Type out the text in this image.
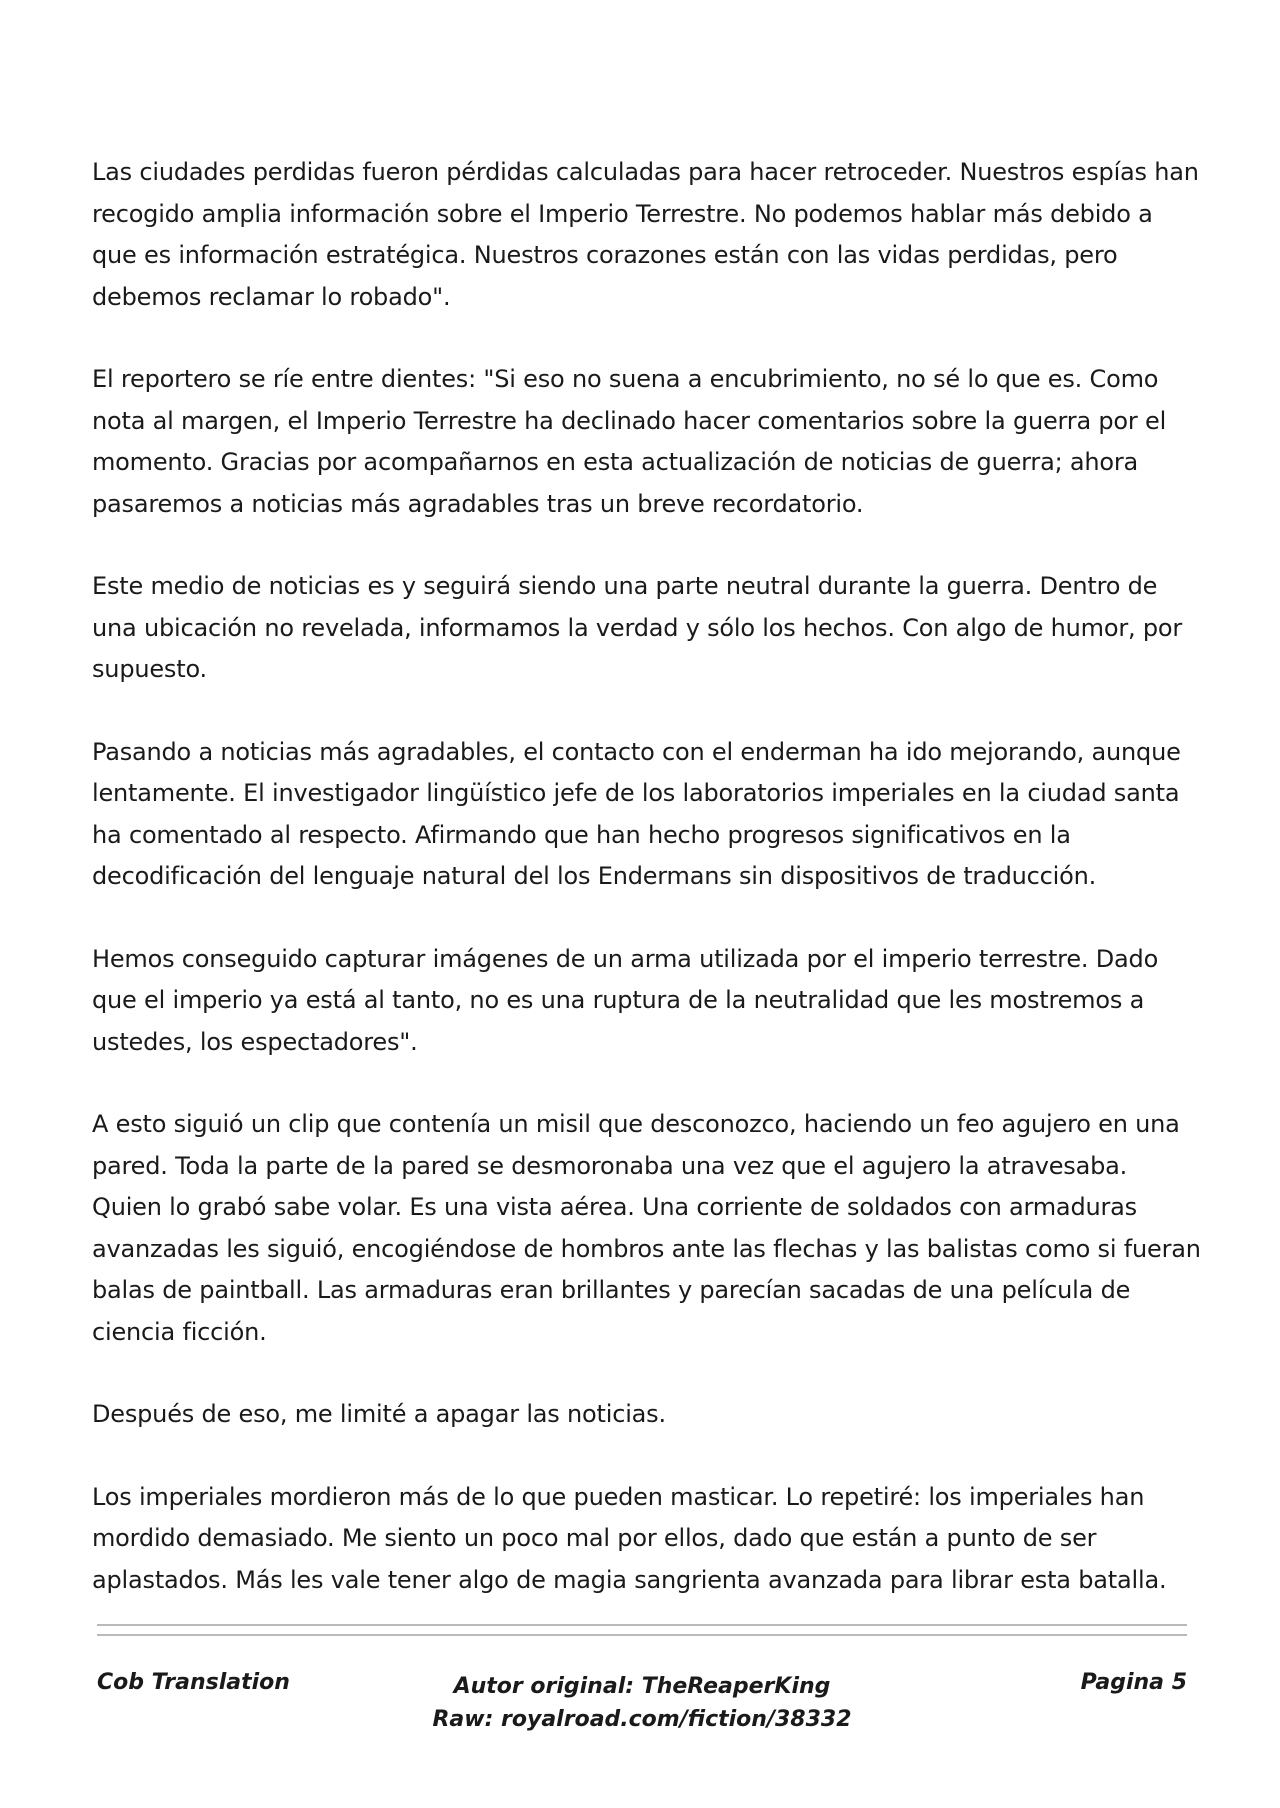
Las ciudades perdidas fueron pérdidas calculadas para hacer retroceder. Nuestros espías han recogido amplia información sobre el Imperio Terrestre. No podemos hablar más debido a que es información estratégica. Nuestros corazones están con las vidas perdidas, pero debemos reclamar lo robado".

El reportero se ríe entre dientes: "Si eso no suena a encubrimiento, no sé lo que es. Como nota al margen, el Imperio Terrestre ha declinado hacer comentarios sobre la guerra por el momento. Gracias por acompañarnos en esta actualización de noticias de guerra; ahora pasaremos a noticias más agradables tras un breve recordatorio.

Este medio de noticias es y seguirá siendo una parte neutral durante la guerra. Dentro de una ubicación no revelada, informamos la verdad y sólo los hechos. Con algo de humor, por supuesto.

Pasando a noticias más agradables, el contacto con el enderman ha ido mejorando, aunque lentamente. El investigador lingüístico jefe de los laboratorios imperiales en la ciudad santa ha comentado al respecto. Afirmando que han hecho progresos significativos en la decodificación del lenguaje natural del los Endermans sin dispositivos de traducción.

Hemos conseguido capturar imágenes de un arma utilizada por el imperio terrestre. Dado que el imperio ya está al tanto, no es una ruptura de la neutralidad que les mostremos a ustedes, los espectadores".

A esto siguió un clip que contenía un misil que desconozco, haciendo un feo agujero en una pared. Toda la parte de la pared se desmoronaba una vez que el agujero la atravesaba. Quien lo grabó sabe volar. Es una vista aérea. Una corriente de soldados con armaduras avanzadas les siguió, encogiéndose de hombros ante las flechas y las balistas como si fueran balas de paintball. Las armaduras eran brillantes y parecían sacadas de una película de ciencia ficción.

Después de eso, me limité a apagar las noticias.

Los imperiales mordieron más de lo que pueden masticar. Lo repetiré: los imperiales han mordido demasiado. Me siento un poco mal por ellos, dado que están a punto de ser aplastados. Más les vale tener algo de magia sangrienta avanzada para librar esta batalla.

Cob Translation	Autor original: TheReaperKing
Raw: royalroad.com/fiction/38332
Pagina 5
